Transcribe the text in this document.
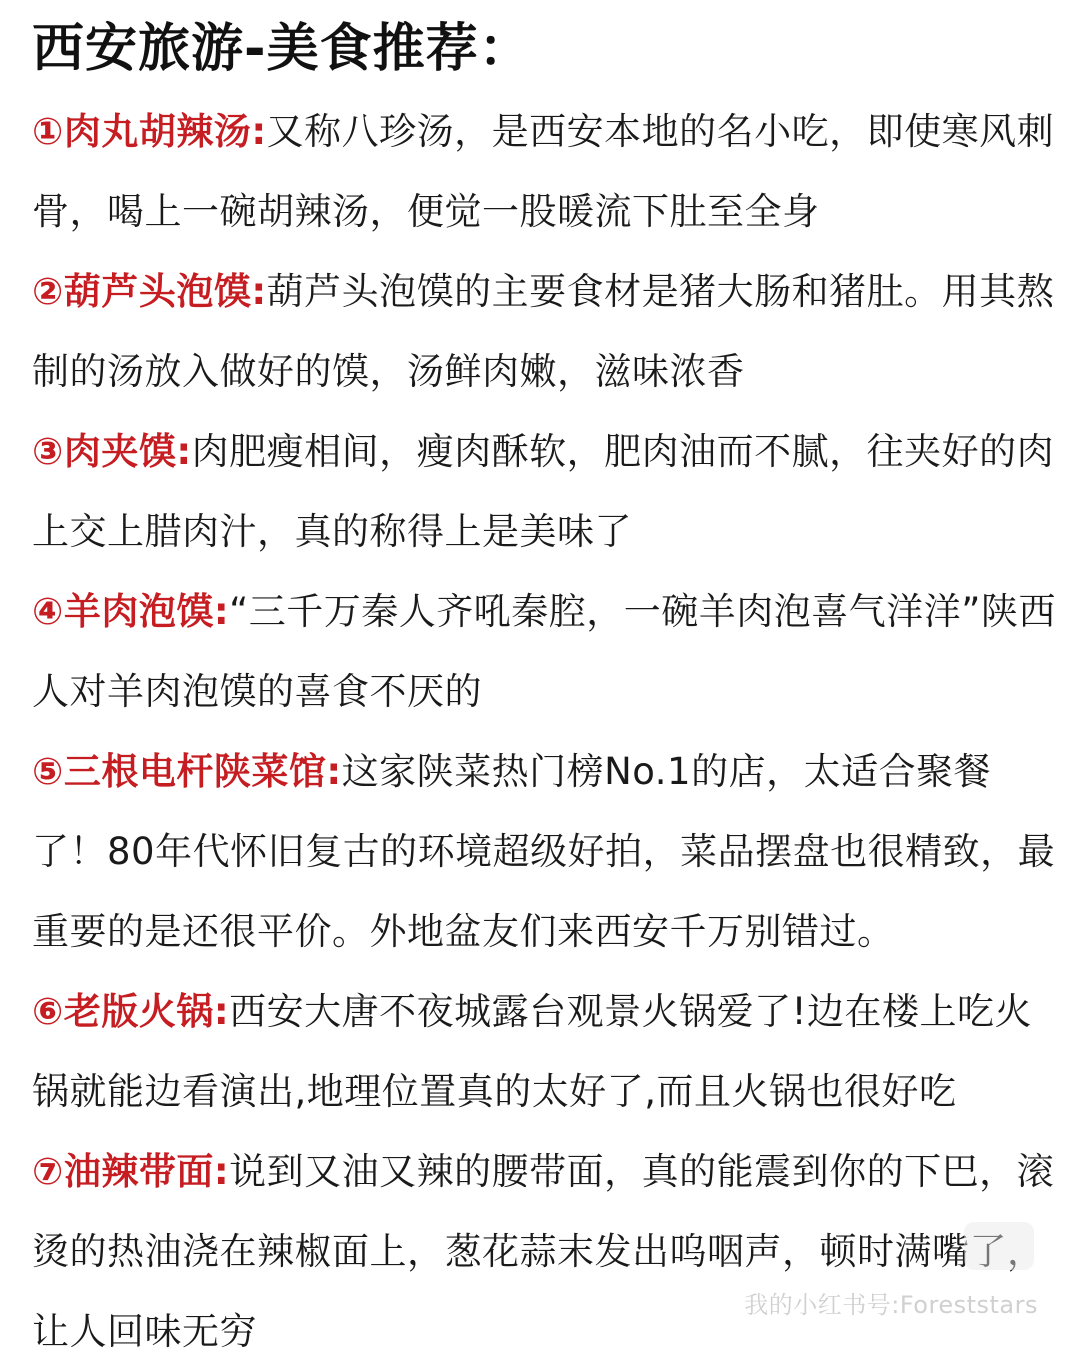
西安旅游-美食推荐：

①肉丸胡辣汤:又称八珍汤，是西安本地的名小吃，即使寒风刺骨，喝上一碗胡辣汤，便觉一股暖流下肚至全身

②葫芦头泡馍:葫芦头泡馍的主要食材是猪大肠和猪肚。用其熬制的汤放入做好的馍，汤鲜肉嫩，滋味浓香

③肉夹馍:肉肥瘦相间，瘦肉酥软，肥肉油而不腻，往夹好的肉上交上腊肉汁，真的称得上是美味了

④羊肉泡馍:“三千万秦人齐吼秦腔，一碗羊肉泡喜气洋洋”陕西人对羊肉泡馍的喜食不厌的

⑤三根电杆陕菜馆:这家陕菜热门榜No.1的店，太适合聚餐了！80年代怀旧复古的环境超级好拍，菜品摆盘也很精致，最重要的是还很平价。外地盆友们来西安千万别错过。

⑥老版火锅:西安大唐不夜城露台观景火锅爱了!边在楼上吃火锅就能边看演出,地理位置真的太好了,而且火锅也很好吃

⑦油辣带面:说到又油又辣的腰带面，真的能震到你的下巴，滚烫的热油浇在辣椒面上，葱花蒜末发出呜咽声，顿时满嘴了，让人回味无穷

我的小红书号:Foreststars
